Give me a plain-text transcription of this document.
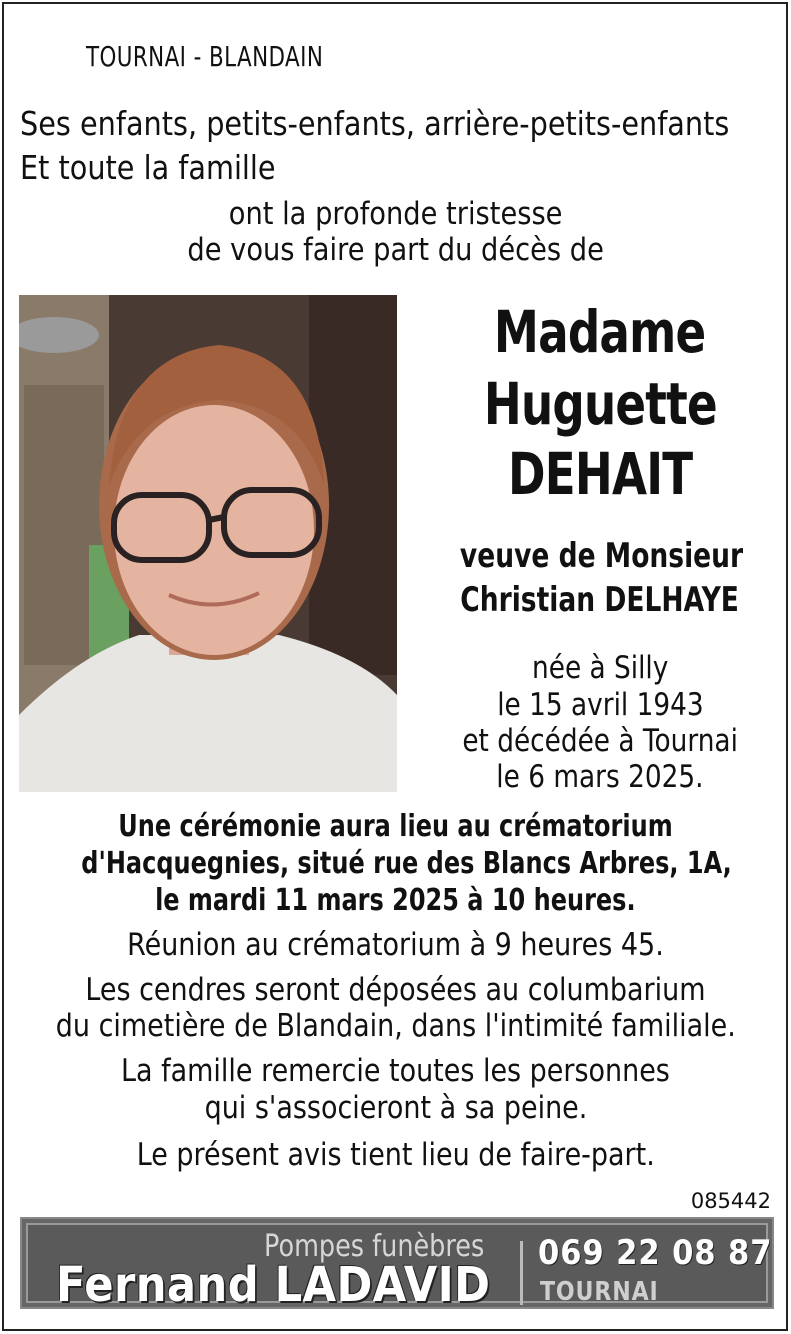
TOURNAI - BLANDAIN
Ses enfants, petits-enfants, arrière-petits-enfants
Et toute la famille
ont la profonde tristesse
de vous faire part du décès de
Madame
Huguette
DEHAIT
veuve de Monsieur
Christian DELHAYE
née à Silly
le 15 avril 1943
et décédée à Tournai
le 6 mars 2025.
Une cérémonie aura lieu au crématorium
d'Hacquegnies, situé rue des Blancs Arbres, 1A,
le mardi 11 mars 2025 à 10 heures.
Réunion au crématorium à 9 heures 45.
Les cendres seront déposées au columbarium
du cimetière de Blandain, dans l'intimité familiale.
La famille remercie toutes les personnes
qui s'associeront à sa peine.
Le présent avis tient lieu de faire-part.
085442
Pompes funèbres
Fernand LADAVID
069 22 08 87
TOURNAI
